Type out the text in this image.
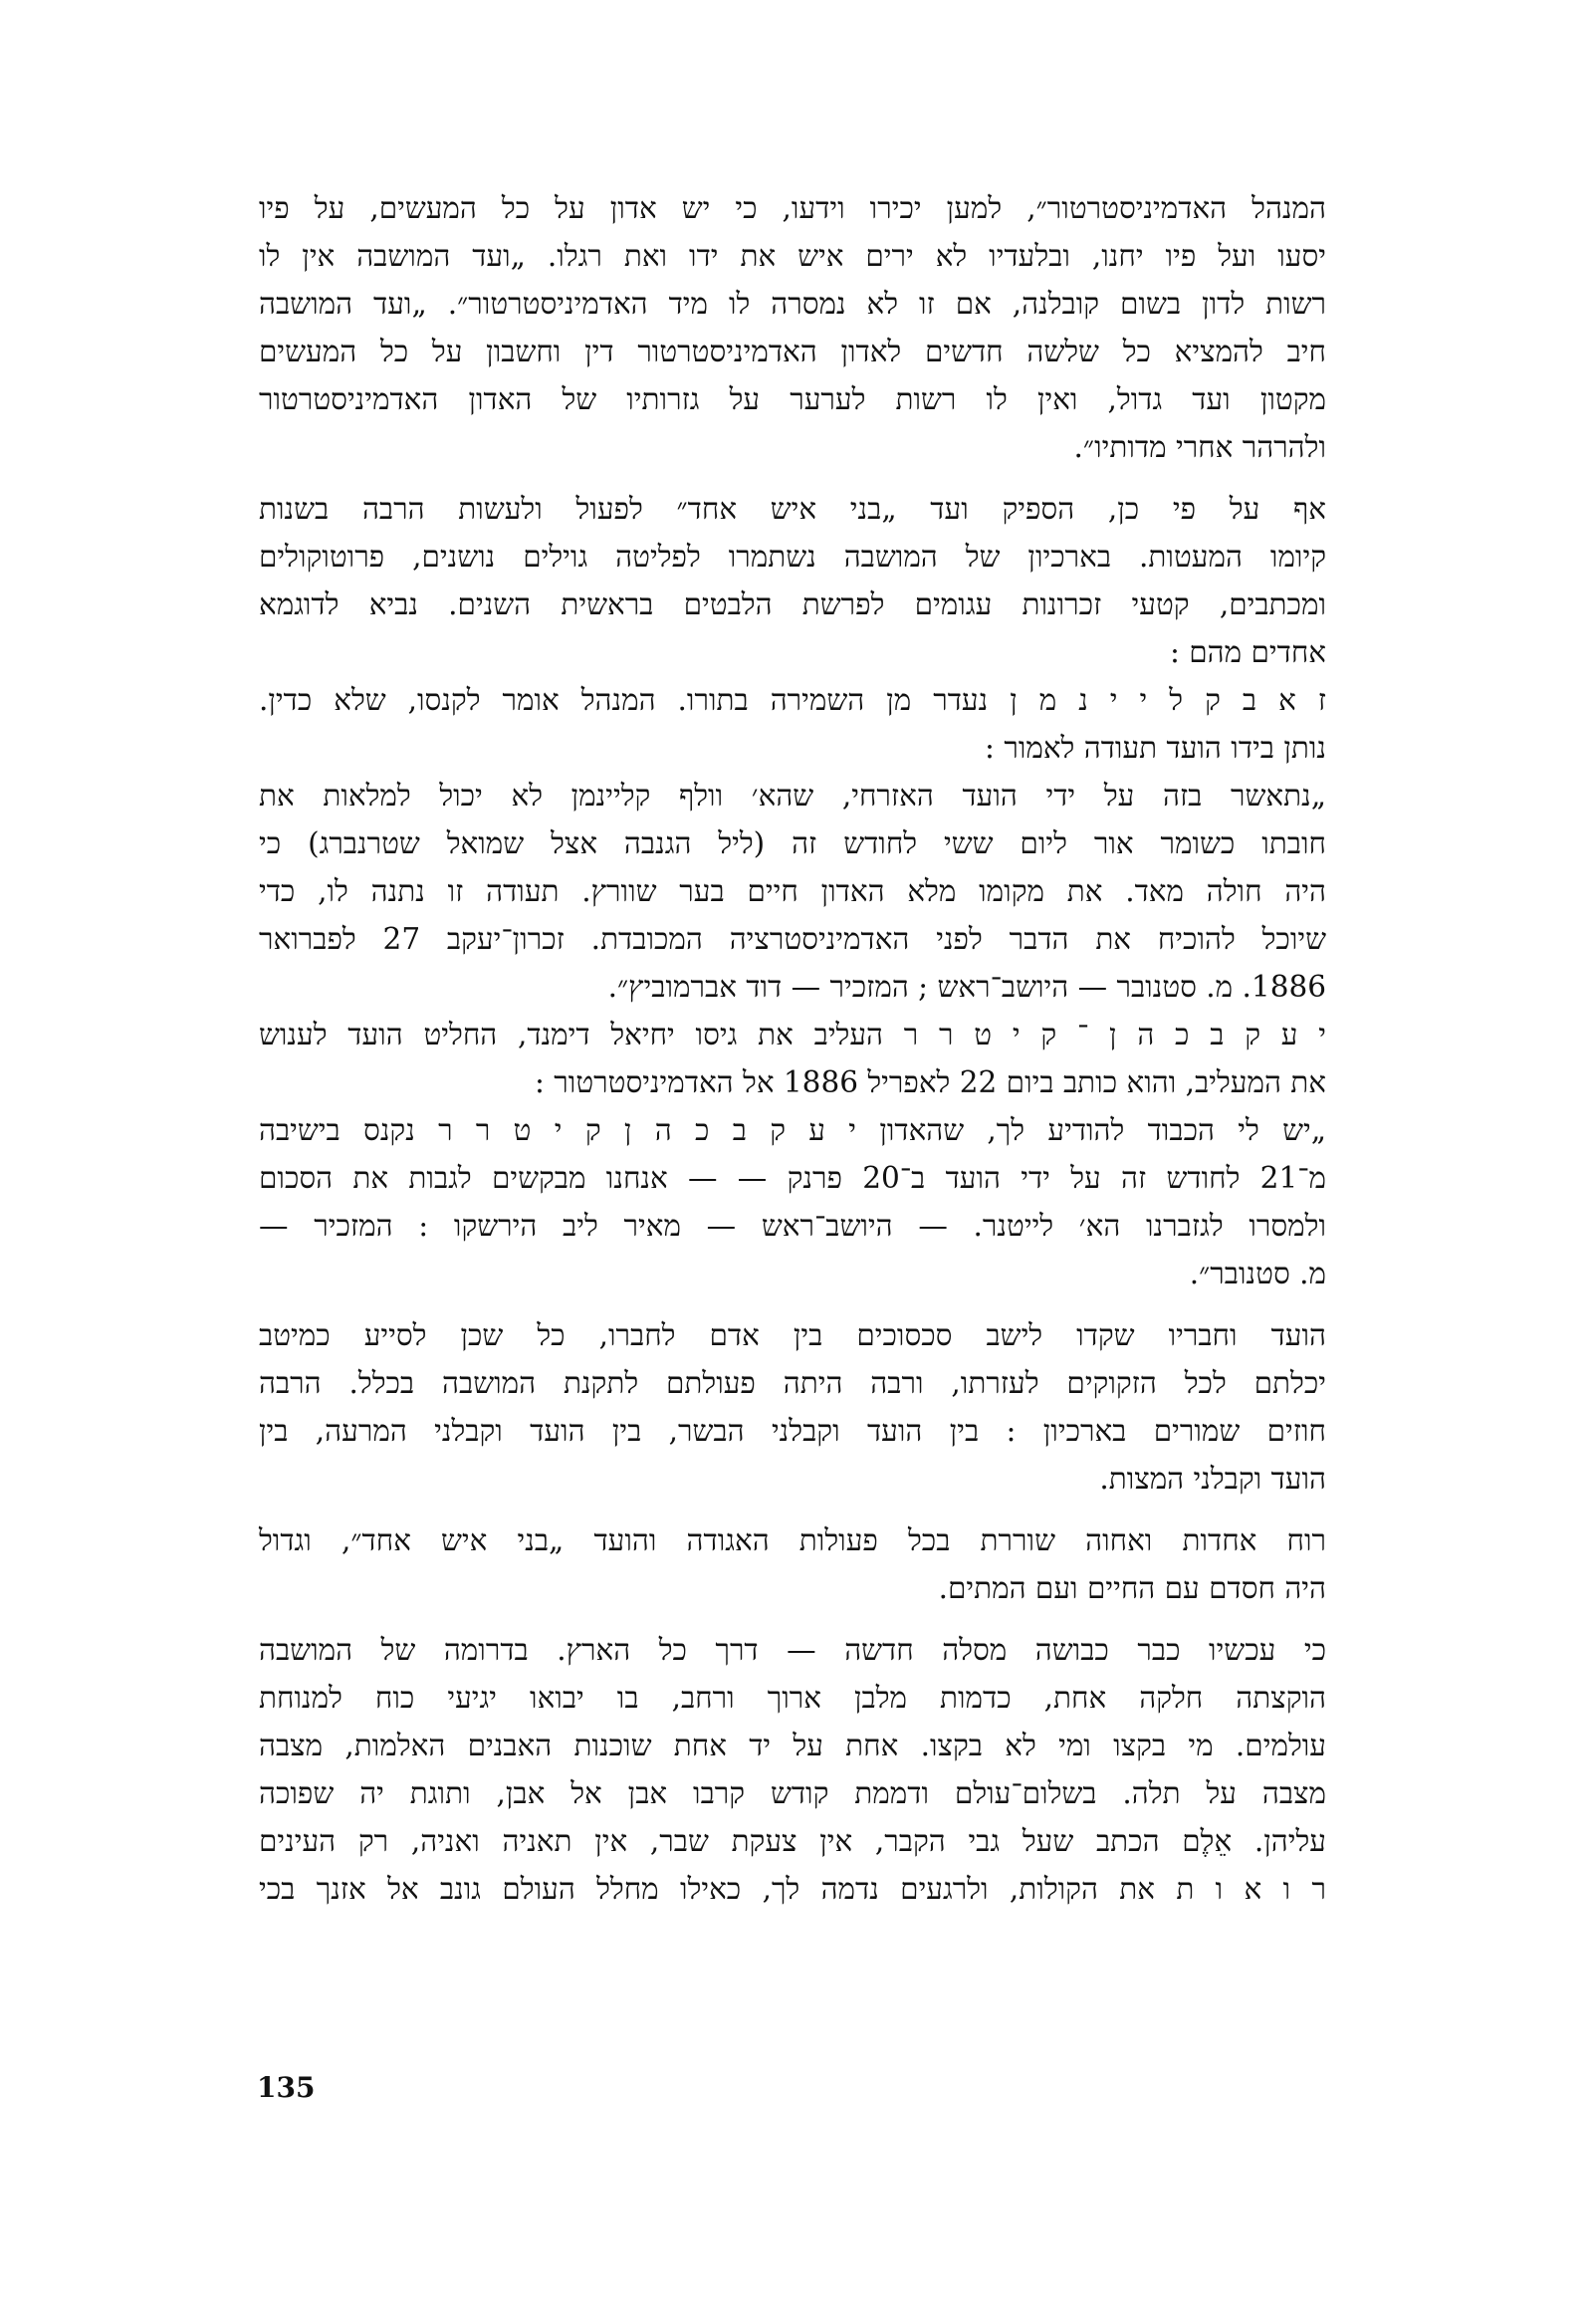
המנהל האדמיניסטרטור״, למען יכירו וידעו, כי יש אדון על כל המעשים, על פיו
יסעו ועל פיו יחנו, ובלעדיו לא ירים איש את ידו ואת רגלו. „ועד המושבה אין לו
רשות לדון בשום קובלנה, אם זו לא נמסרה לו מיד האדמיניסטרטור״. „ועד המושבה
חיב להמציא כל שלשה חדשים לאדון האדמיניסטרטור דין וחשבון על כל המעשים
מקטון ועד גדול, ואין לו רשות לערער על גזרותיו של האדון האדמיניסטרטור
ולהרהר אחרי מדותיו״.
אף על פי כן, הספיק ועד „בני איש אחד״ לפעול ולעשות הרבה בשנות
קיומו המעטות. בארכיון של המושבה נשתמרו לפליטה גוילים נושנים, פרוטוקולים
ומכתבים, קטעי זכרונות עגומים לפרשת הלבטים בראשית השנים. נביא לדוגמא
אחדים מהם :
ז א ב ק ל י י נ מ ן נעדר מן השמירה בתורו. המנהל אומר לקנסו, שלא כדין.
נותן בידו הועד תעודה לאמור :
„נתאשר בזה על ידי הועד האזרחי, שהא׳ וולף קליינמן לא יכול למלאות את
חובתו כשומר אור ליום ששי לחודש זה (ליל הגנבה אצל שמואל שטרנברג) כי
היה חולה מאד. את מקומו מלא האדון חיים בער שוורץ. תעודה זו נתנה לו, כדי
שיוכל להוכיח את הדבר לפני האדמיניסטרציה המכובדת. זכרון־יעקב 27 לפברואר
1886. מ. סטנובר — היושב־ראש ; המזכיר — דוד אברמוביץ״.
י ע ק ב כ ה ן ־ ק י ט ר ר העליב את גיסו יחיאל דימנד, החליט הועד לענוש
את המעליב, והוא כותב ביום 22 לאפריל 1886 אל האדמיניסטרטור :
„יש לי הכבוד להודיע לך, שהאדון י ע ק ב כ ה ן ק י ט ר ר נקנס בישיבה
מ־21 לחודש זה על ידי הועד ב־20 פרנק — — אנחנו מבקשים לגבות את הסכום
ולמסרו לגזברנו הא׳ לייטנר. — היושב־ראש — מאיר ליב הירשקו : המזכיר —
מ. סטנובר״.
הועד וחבריו שקדו לישב סכסוכים בין אדם לחברו, כל שכן לסייע כמיטב
יכלתם לכל הזקוקים לעזרתו, ורבה היתה פעולתם לתקנת המושבה בכלל. הרבה
חוזים שמורים בארכיון : בין הועד וקבלני הבשר, בין הועד וקבלני המרעה, בין
הועד וקבלני המצות.
רוח אחדות ואחוה שוררת בכל פעולות האגודה והועד „בני איש אחד״, וגדול
היה חסדם עם החיים ועם המתים.
כי עכשיו כבר כבושה מסלה חדשה — דרך כל הארץ. בדרומה של המושבה
הוקצתה חלקה אחת, כדמות מלבן ארוך ורחב, בו יבואו יגיעי כוח למנוחת
עולמים. מי בקצו ומי לא בקצו. אחת על יד אחת שוכנות האבנים האלמות, מצבה
מצבה על תלה. בשלום־עולם ודממת קודש קרבו אבן אל אבן, ותוגת יה שפוכה
עליהן. אֵלֶם הכתב שעל גבי הקבר, אין צעקת שבר, אין תאניה ואניה, רק העינים
ר ו א ו ת את הקולות, ולרגעים נדמה לך, כאילו מחלל העולם גונב אל אזנך בכי
135
